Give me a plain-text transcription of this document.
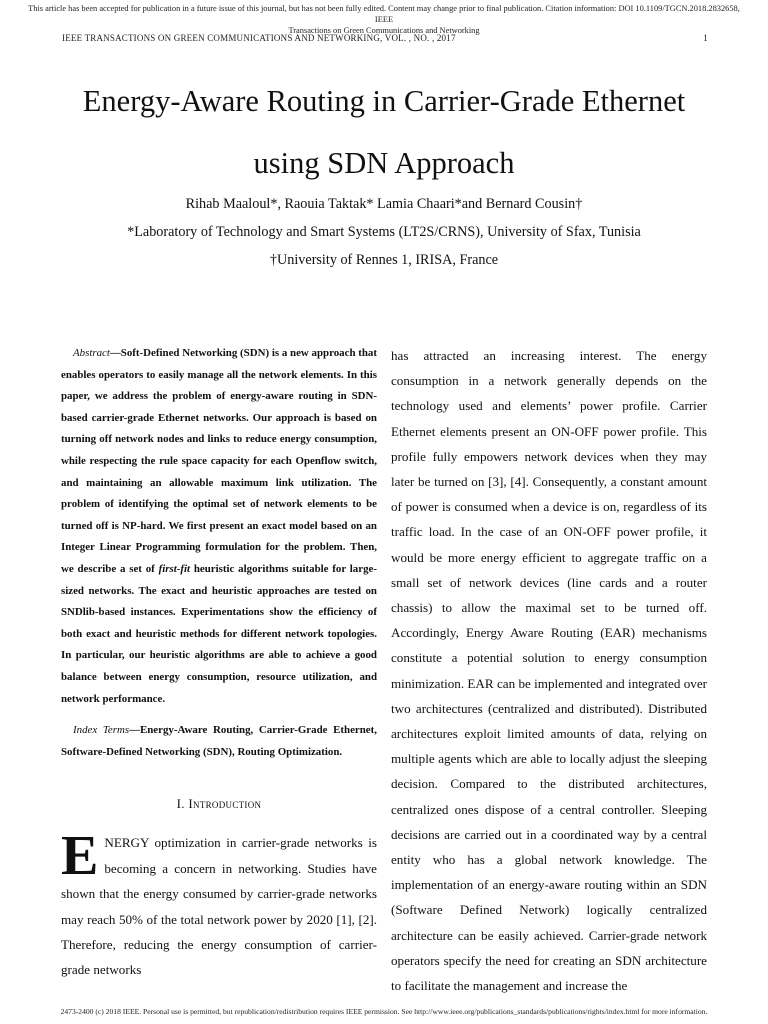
This article has been accepted for publication in a future issue of this journal, but has not been fully edited. Content may change prior to final publication. Citation information: DOI 10.1109/TGCN.2018.2832658, IEEE
Transactions on Green Communications and Networking
IEEE TRANSACTIONS ON GREEN COMMUNICATIONS AND NETWORKING, VOL. , NO. , 2017	1
Energy-Aware Routing in Carrier-Grade Ethernet
using SDN Approach
Rihab Maaloul*, Raouia Taktak* Lamia Chaari*and Bernard Cousin†
*Laboratory of Technology and Smart Systems (LT2S/CRNS), University of Sfax, Tunisia
†University of Rennes 1, IRISA, France

Abstract—Soft-Defined Networking (SDN) is a new approach that enables operators to easily manage all the network elements. In this paper, we address the problem of energy-aware routing in SDN-based carrier-grade Ethernet networks. Our approach is based on turning off network nodes and links to reduce energy consumption, while respecting the rule space capacity for each Openflow switch, and maintaining an allowable maximum link utilization. The problem of identifying the optimal set of network elements to be turned off is NP-hard. We first present an exact model based on an Integer Linear Programming formulation for the problem. Then, we describe a set of first-fit heuristic algorithms suitable for large-sized networks. The exact and heuristic approaches are tested on SNDlib-based instances. Experimentations show the efficiency of both exact and heuristic methods for different network topologies. In particular, our heuristic algorithms are able to achieve a good balance between energy consumption, resource utilization, and network performance.

Index Terms—Energy-Aware Routing, Carrier-Grade Ethernet, Software-Defined Networking (SDN), Routing Optimization.

I. Introduction

ENERGY optimization in carrier-grade networks is becoming a concern in networking. Studies have shown that the energy consumed by carrier-grade networks may reach 50% of the total network power by 2020 [1], [2]. Therefore, reducing the energy consumption of carrier-grade networks

has attracted an increasing interest. The energy consumption in a network generally depends on the technology used and elements’ power profile. Carrier Ethernet elements present an ON-OFF power profile. This profile fully empowers network devices when they may later be turned on [3], [4]. Consequently, a constant amount of power is consumed when a device is on, regardless of its traffic load. In the case of an ON-OFF power profile, it would be more energy efficient to aggregate traffic on a small set of network devices (line cards and a router chassis) to allow the maximal set to be turned off. Accordingly, Energy Aware Routing (EAR) mechanisms constitute a potential solution to energy consumption minimization. EAR can be implemented and integrated over two architectures (centralized and distributed). Distributed architectures exploit limited amounts of data, relying on multiple agents which are able to locally adjust the sleeping decision. Compared to the distributed architectures, centralized ones dispose of a central controller. Sleeping decisions are carried out in a coordinated way by a central entity who has a global network knowledge. The implementation of an energy-aware routing within an SDN (Software Defined Network) logically centralized architecture can be easily achieved. Carrier-grade network operators specify the need for creating an SDN architecture to facilitate the management and increase the

2473-2400 (c) 2018 IEEE. Personal use is permitted, but republication/redistribution requires IEEE permission. See http://www.ieee.org/publications_standards/publications/rights/index.html for more information.
